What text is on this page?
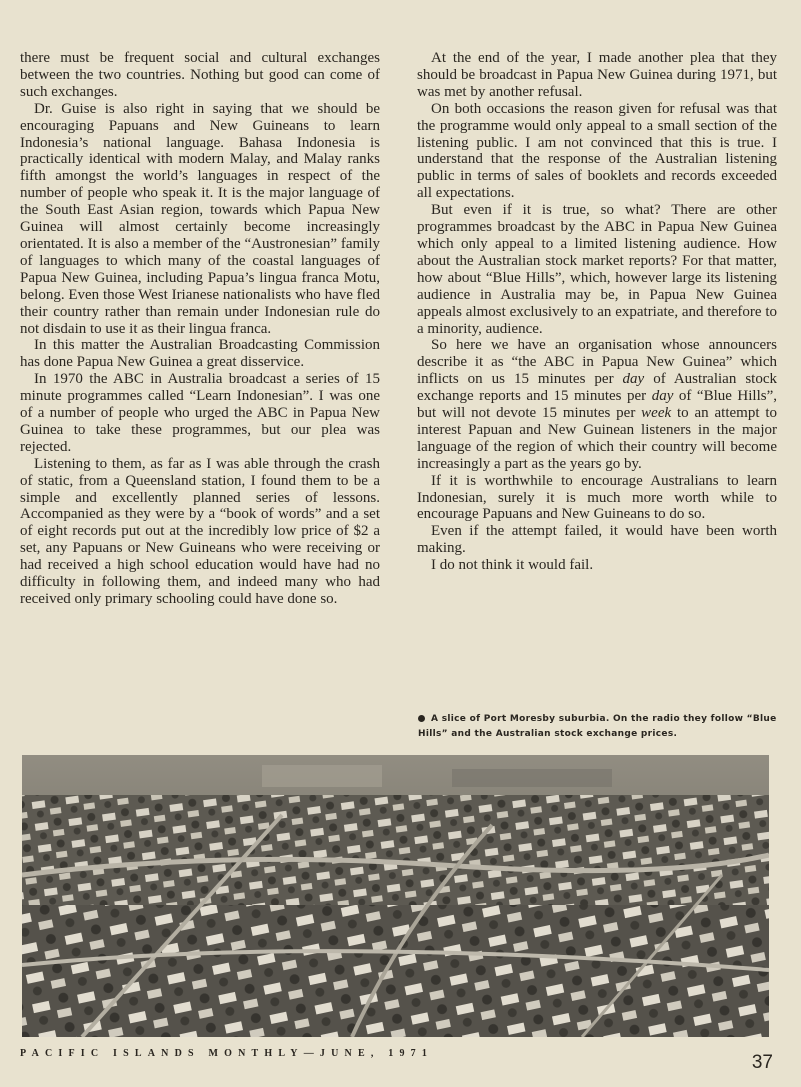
there must be frequent social and cultural exchanges between the two countries. Nothing but good can come of such exchanges.

Dr. Guise is also right in saying that we should be encouraging Papuans and New Guineans to learn Indonesia’s national language. Bahasa Indonesia is practically identical with modern Malay, and Malay ranks fifth amongst the world’s languages in respect of the number of people who speak it. It is the major language of the South East Asian region, towards which Papua New Guinea will almost certainly become increasingly orientated. It is also a member of the “Austronesian” family of languages to which many of the coastal languages of Papua New Guinea, including Papua’s lingua franca Motu, belong. Even those West Irianese nationalists who have fled their country rather than remain under Indonesian rule do not disdain to use it as their lingua franca.

In this matter the Australian Broadcasting Commission has done Papua New Guinea a great disservice.

In 1970 the ABC in Australia broadcast a series of 15 minute programmes called “Learn Indonesian”. I was one of a number of people who urged the ABC in Papua New Guinea to take these programmes, but our plea was rejected.

Listening to them, as far as I was able through the crash of static, from a Queensland station, I found them to be a simple and excellently planned series of lessons. Accompanied as they were by a “book of words” and a set of eight records put out at the incredibly low price of $2 a set, any Papuans or New Guineans who were receiving or had received a high school education would have had no difficulty in following them, and indeed many who had received only primary schooling could have done so.

At the end of the year, I made another plea that they should be broadcast in Papua New Guinea during 1971, but was met by another refusal.

On both occasions the reason given for refusal was that the programme would only appeal to a small section of the listening public. I am not convinced that this is true. I understand that the response of the Australian listening public in terms of sales of booklets and records exceeded all expectations.

But even if it is true, so what? There are other programmes broadcast by the ABC in Papua New Guinea which only appeal to a limited listening audience. How about the Australian stock market reports? For that matter, how about “Blue Hills”, which, however large its listening audience in Australia may be, in Papua New Guinea appeals almost exclusively to an expatriate, and therefore to a minority, audience.

So here we have an organisation whose announcers describe it as “the ABC in Papua New Guinea” which inflicts on us 15 minutes per day of Australian stock exchange reports and 15 minutes per day of “Blue Hills”, but will not devote 15 minutes per week to an attempt to interest Papuan and New Guinean listeners in the major language of the region of which their country will become increasingly a part as the years go by.

If it is worthwhile to encourage Australians to learn Indonesian, surely it is much more worth while to encourage Papuans and New Guineans to do so.

Even if the attempt failed, it would have been worth making.

I do not think it would fail.

A slice of Port Moresby suburbia. On the radio they follow “Blue Hills” and the Australian stock exchange prices.
PACIFIC ISLANDS MONTHLY—JUNE, 1971	37
